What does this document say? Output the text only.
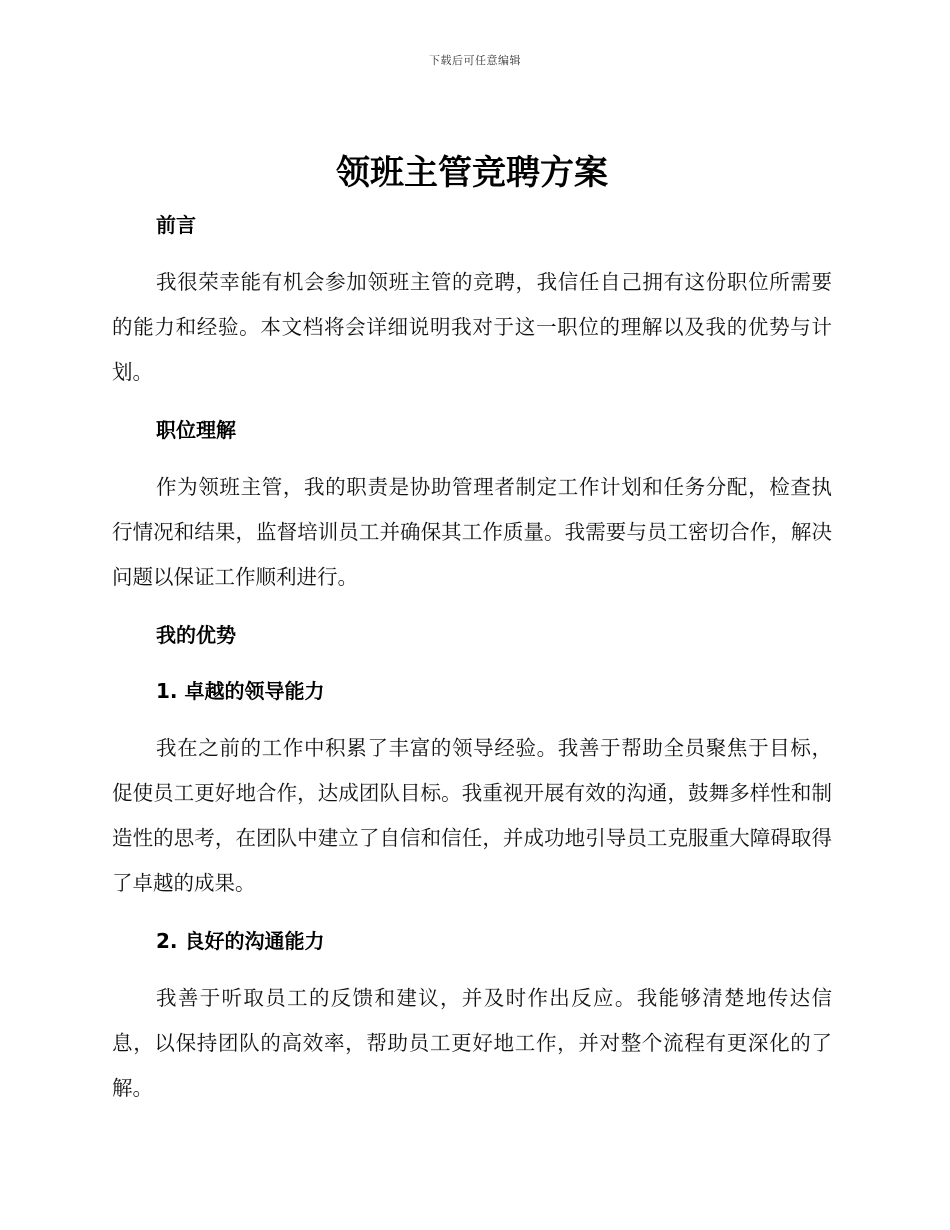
下载后可任意编辑
领班主管竞聘方案
前言

我很荣幸能有机会参加领班主管的竞聘，我信任自己拥有这份职位所需要的能力和经验。本文档将会详细说明我对于这一职位的理解以及我的优势与计划。

职位理解

作为领班主管，我的职责是协助管理者制定工作计划和任务分配，检查执行情况和结果，监督培训员工并确保其工作质量。我需要与员工密切合作，解决问题以保证工作顺利进行。

我的优势
1. 卓越的领导能力

我在之前的工作中积累了丰富的领导经验。我善于帮助全员聚焦于目标，促使员工更好地合作，达成团队目标。我重视开展有效的沟通，鼓舞多样性和制造性的思考，在团队中建立了自信和信任，并成功地引导员工克服重大障碍取得了卓越的成果。

2. 良好的沟通能力

我善于听取员工的反馈和建议，并及时作出反应。我能够清楚地传达信息，以保持团队的高效率，帮助员工更好地工作，并对整个流程有更深化的了解。
